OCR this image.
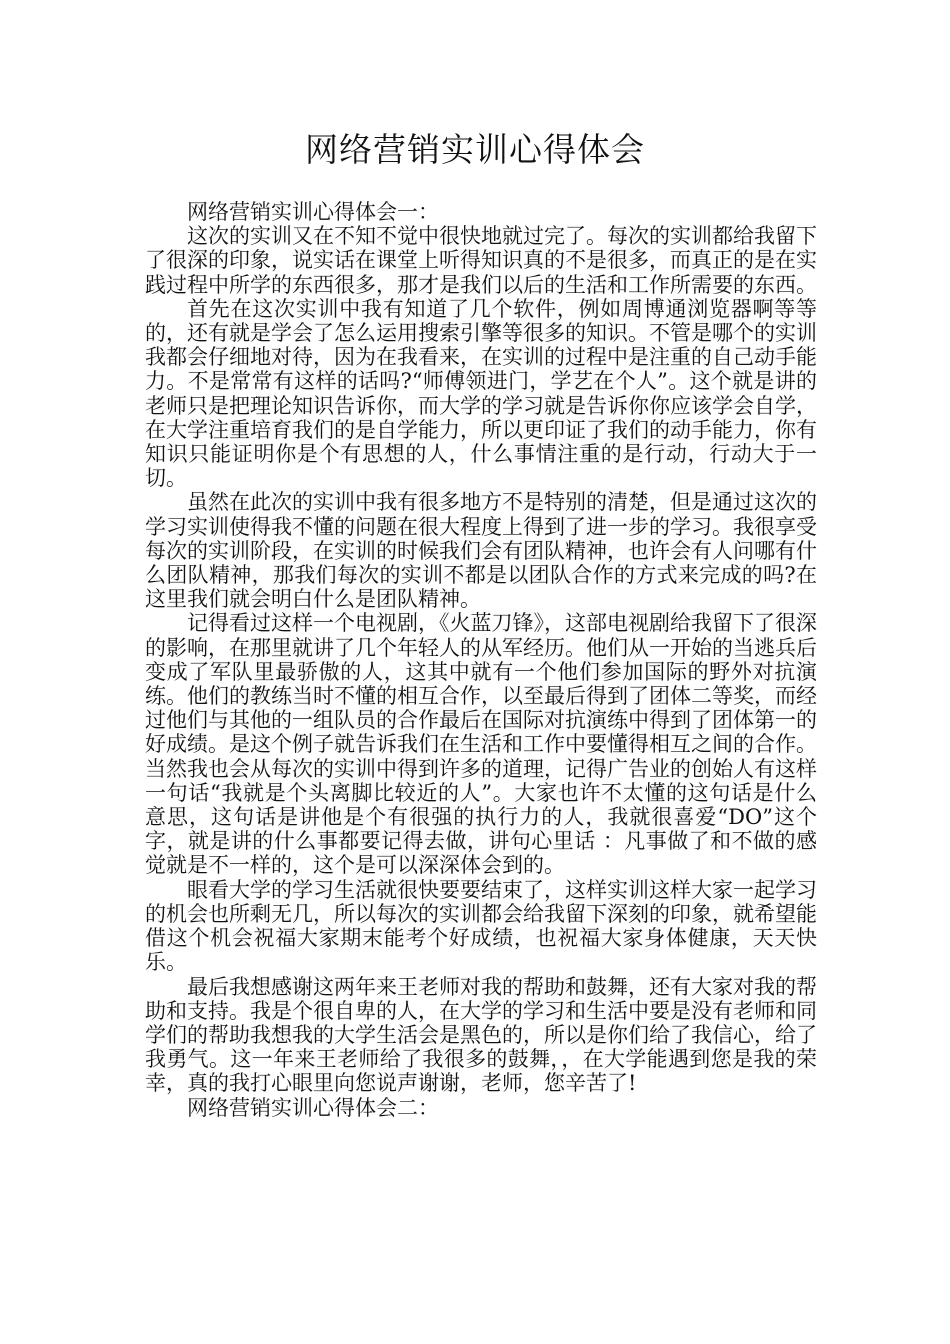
网络营销实训心得体会

网络营销实训心得体会一：

这次的实训又在不知不觉中很快地就过完了。每次的实训都给我留下了很深的印象，说实话在课堂上听得知识真的不是很多，而真正的是在实践过程中所学的东西很多，那才是我们以后的生活和工作所需要的东西。

首先在这次实训中我有知道了几个软件，例如周博通浏览器啊等等的，还有就是学会了怎么运用搜索引擎等很多的知识。不管是哪个的实训我都会仔细地对待，因为在我看来，在实训的过程中是注重的自己动手能力。不是常常有这样的话吗?“师傅领进门，学艺在个人”。这个就是讲的老师只是把理论知识告诉你，而大学的学习就是告诉你你应该学会自学，在大学注重培育我们的是自学能力，所以更印证了我们的动手能力，你有知识只能证明你是个有思想的人，什么事情注重的是行动，行动大于一切。

虽然在此次的实训中我有很多地方不是特别的清楚，但是通过这次的学习实训使得我不懂的问题在很大程度上得到了进一步的学习。我很享受每次的实训阶段，在实训的时候我们会有团队精神，也许会有人问哪有什么团队精神，那我们每次的实训不都是以团队合作的方式来完成的吗?在这里我们就会明白什么是团队精神。

记得看过这样一个电视剧，《火蓝刀锋》，这部电视剧给我留下了很深的影响，在那里就讲了几个年轻人的从军经历。他们从一开始的当逃兵后变成了军队里最骄傲的人，这其中就有一个他们参加国际的野外对抗演练。他们的教练当时不懂的相互合作，以至最后得到了团体二等奖，而经过他们与其他的一组队员的合作最后在国际对抗演练中得到了团体第一的好成绩。是这个例子就告诉我们在生活和工作中要懂得相互之间的合作。当然我也会从每次的实训中得到许多的道理，记得广告业的创始人有这样一句话“我就是个头离脚比较近的人”。大家也许不太懂的这句话是什么意思，这句话是讲他是个有很强的执行力的人，我就很喜爱“DO”这个字，就是讲的什么事都要记得去做，讲句心里话 ：凡事做了和不做的感觉就是不一样的，这个是可以深深体会到的。

眼看大学的学习生活就很快要要结束了，这样实训这样大家一起学习的机会也所剩无几，所以每次的实训都会给我留下深刻的印象，就希望能借这个机会祝福大家期末能考个好成绩，也祝福大家身体健康，天天快乐。

最后我想感谢这两年来王老师对我的帮助和鼓舞，还有大家对我的帮助和支持。我是个很自卑的人，在大学的学习和生活中要是没有老师和同学们的帮助我想我的大学生活会是黑色的，所以是你们给了我信心，给了我勇气。这一年来王老师给了我很多的鼓舞，，在大学能遇到您是我的荣幸，真的我打心眼里向您说声谢谢，老师，您辛苦了!

网络营销实训心得体会二：
